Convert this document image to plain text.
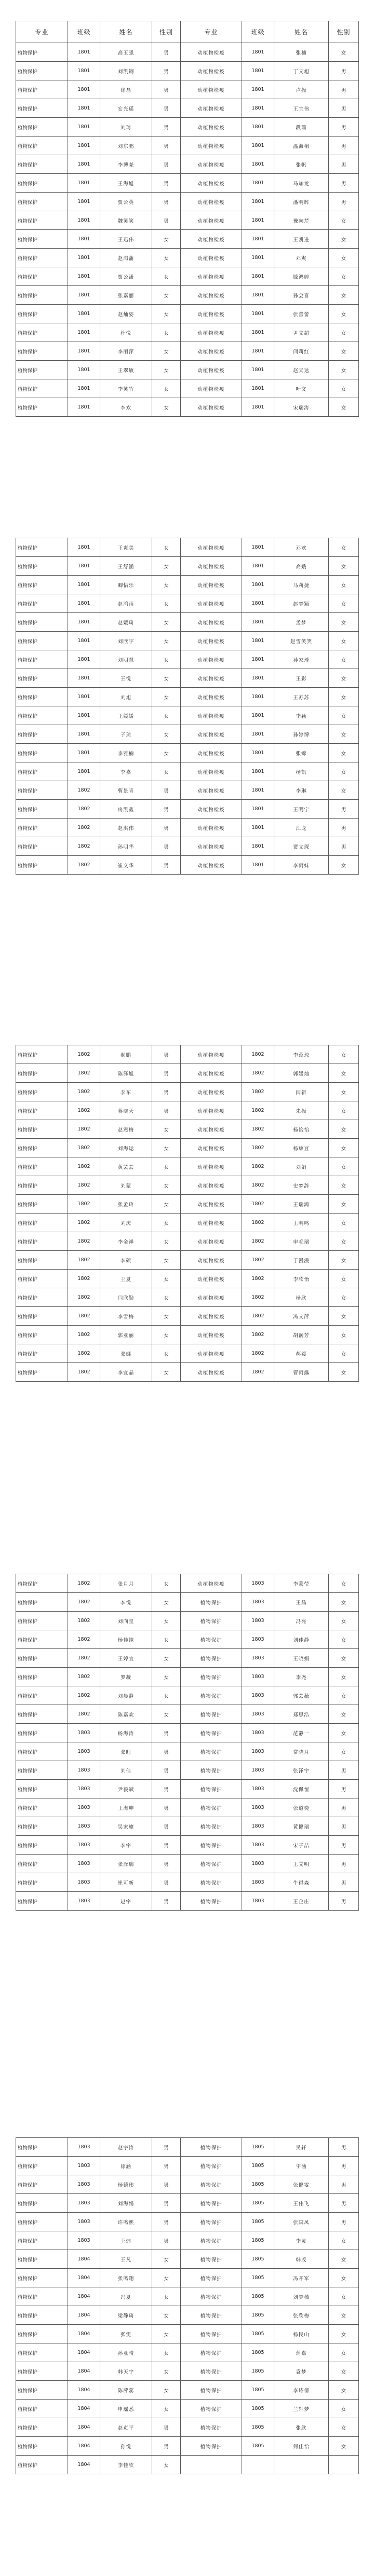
专业	班级	姓名	性别	专业	班级	姓名	性别
植物保护	1801	高玉强	男	动植物检疫	1801	张楠	女
植物保护	1801	刘凯钢	男	动植物检疫	1801	丁文旭	男
植物保护	1801	徐磊	男	动植物检疫	1801	卢振	男
植物保护	1801	宏光瑶	男	动植物检疫	1801	王宜伟	男
植物保护	1801	刘琦	男	动植物检疫	1801	段瑞	男
植物保护	1801	刘东鹏	男	动植物检疫	1801	温海桐	男
植物保护	1801	李博尧	男	动植物检疫	1801	张帆	男
植物保护	1801	王海旭	男	动植物检疫	1801	马加龙	男
植物保护	1801	贾公英	男	动植物检疫	1801	潘明辉	男
植物保护	1801	魏笑笑	男	动植物检疫	1801	豫向芹	女
植物保护	1801	王迅伟	女	动植物检疫	1801	王凯进	女
植物保护	1801	赵鸿蒲	女	动植物检疫	1801	邓爽	女
植物保护	1801	贾公潇	女	动植物检疫	1801	滕鸿婷	女
植物保护	1801	张嘉丽	女	动植物检疫	1801	孙会喜	女
植物保护	1801	赵灿姿	女	动植物检疫	1801	张蕾蕾	女
植物保护	1801	杜悦	女	动植物检疫	1801	尹文超	女
植物保护	1801	李丽萍	女	动植物检疫	1801	闫莉红	女
植物保护	1801	王翠敏	女	动植物检疫	1801	赵天达	女
植物保护	1801	李笑竹	女	动植物检疫	1801	叶文	女
植物保护	1801	李欢	女	动植物检疫	1801	宋瑞涛	女
植物保护	1801	王爽美	女	动植物检疫	1801	邓欢	女
植物保护	1801	王舒涵	女	动植物检疫	1801	高娥	女
植物保护	1801	卿悟乐	女	动植物检疫	1801	马莉捷	女
植物保护	1801	赵鸿雨	女	动植物检疫	1801	赵梦颖	女
植物保护	1801	赵媛琦	女	动植物检疫	1801	孟梦	女
植物保护	1801	刘欣宇	女	动植物检疫	1801	赵雪笑笑	女
植物保护	1801	刘明慧	女	动植物检疫	1801	孙家琦	女
植物保护	1801	王悦	女	动植物检疫	1801	王彩	女
植物保护	1801	刘旭	女	动植物检疫	1801	王苏苏	女
植物保护	1801	王媛媛	女	动植物检疫	1801	李颖	女
植物保护	1801	子琼	女	动植物检疫	1801	孙婷博	女
植物保护	1801	李雅楠	女	动植物检疫	1801	张锦	女
植物保护	1801	李嘉	女	动植物检疫	1801	杨凯	女
植物保护	1802	曹景青	男	动植物检疫	1801	李琳	女
植物保护	1802	房凯鑫	男	动植物检疫	1801	王明宁	男
植物保护	1802	赵洪伟	男	动植物检疫	1801	江龙	男
植物保护	1802	孙明华	男	动植物检疫	1801	贾文琛	男
植物保护	1802	崔文华	男	动植物检疫	1801	李雨妹	女
植物保护	1802	郝鹏	男	动植物检疫	1802	李蕊琼	女
植物保护	1802	陈泽旭	男	动植物检疫	1802	郭媛灿	女
植物保护	1802	李东	男	动植物检疫	1802	闫新	女
植物保护	1802	蒋晓天	男	动植物检疫	1802	朱振	女
植物保护	1802	赵震梅	女	动植物检疫	1802	杨怡怡	女
植物保护	1802	刘海运	女	动植物检疫	1802	杨康豆	女
植物保护	1802	黄芸芸	女	动植物检疫	1802	刘娟	女
植物保护	1802	刘蒙	女	动植物检疫	1802	史梦辞	女
植物保护	1802	张孟玲	女	动植物检疫	1802	王瑞鸿	女
植物保护	1802	刘庆	女	动植物检疫	1802	王明鸣	女
植物保护	1802	李金禅	女	动植物检疫	1802	申毛瑞	女
植物保护	1802	李硕	女	动植物检疫	1802	于漫漫	女
植物保护	1802	王夏	女	动植物检疫	1802	李欣怡	女
植物保护	1802	闫欣勤	女	动植物检疫	1802	杨欣	女
植物保护	1802	李雪梅	女	动植物检疫	1802	冯文萍	女
植物保护	1802	郭亚丽	女	动植物检疫	1802	胡润芳	女
植物保护	1802	张娜	女	动植物检疫	1802	郝媛	女
植物保护	1802	李宜晶	女	动植物检疫	1802	曹雨露	女
植物保护	1802	张月月	女	动植物检疫	1803	李蒙莹	女
植物保护	1802	李悦	女	植物保护	1803	王晶	女
植物保护	1802	刘向星	女	植物保护	1803	冯亮	女
植物保护	1802	杨佳纯	女	植物保护	1803	刘佳静	女
植物保护	1802	王婷宜	女	植物保护	1803	王晓娟	女
植物保护	1802	罗凝	女	植物保护	1803	李尧	女
植物保护	1802	刘晨静	女	植物保护	1803	郭芸薇	女
植物保护	1802	陈嘉欢	女	植物保护	1803	郑思浩	女
植物保护	1803	杨海涛	男	植物保护	1803	范静一	女
植物保护	1803	张旺	男	植物保护	1803	常晓月	女
植物保护	1803	刘佳	男	植物保护	1803	张泽宇	男
植物保护	1803	尹毅斌	男	植物保护	1803	沈佩恒	男
植物保护	1803	王海坤	男	植物保护	1803	张道奕	男
植物保护	1803	吴家旗	男	植物保护	1803	黄健瑞	男
植物保护	1803	李宇	男	植物保护	1803	宋子喆	男
植物保护	1803	张泽瑞	男	植物保护	1803	王文明	男
植物保护	1803	崔可新	男	植物保护	1803	牛得森	男
植物保护	1803	赵宇	男	植物保护	1803	王企庄	男
植物保护	1803	赵宇涛	男	植物保护	1805	吴轩	男
植物保护	1803	徐涵	男	植物保护	1805	宇涵	男
植物保护	1803	杨德玮	男	植物保护	1805	张健雯	男
植物保护	1803	刘海娟	男	植物保护	1805	王伟飞	男
植物保护	1803	许鸣熙	男	植物保护	1805	张国凤	男
植物保护	1803	王炜	男	植物保护	1805	李灵	女
植物保护	1804	王凡	女	植物保护	1805	韩茂	女
植物保护	1804	张鸣翔	女	植物保护	1805	冯开军	女
植物保护	1804	冯夏	女	植物保护	1805	刘梦楠	女
植物保护	1804	梁静琦	女	植物保护	1805	张欣梅	女
植物保护	1804	张雯	女	植物保护	1805	杨民山	女
植物保护	1804	孙亚晴	女	植物保护	1805	蒲嘉	女
植物保护	1804	韩天宇	女	植物保护	1805	袁梦	女
植物保护	1804	陈萍蕊	女	植物保护	1805	李诗倩	女
植物保护	1804	申瑶悉	女	植物保护	1805	兰轩梦	女
植物保护	1804	赵贞平	男	植物保护	1805	张欣	女
植物保护	1804	孙悦	男	植物保护	1805	何佳怡	女
植物保护	1804	李佳欣	女				
